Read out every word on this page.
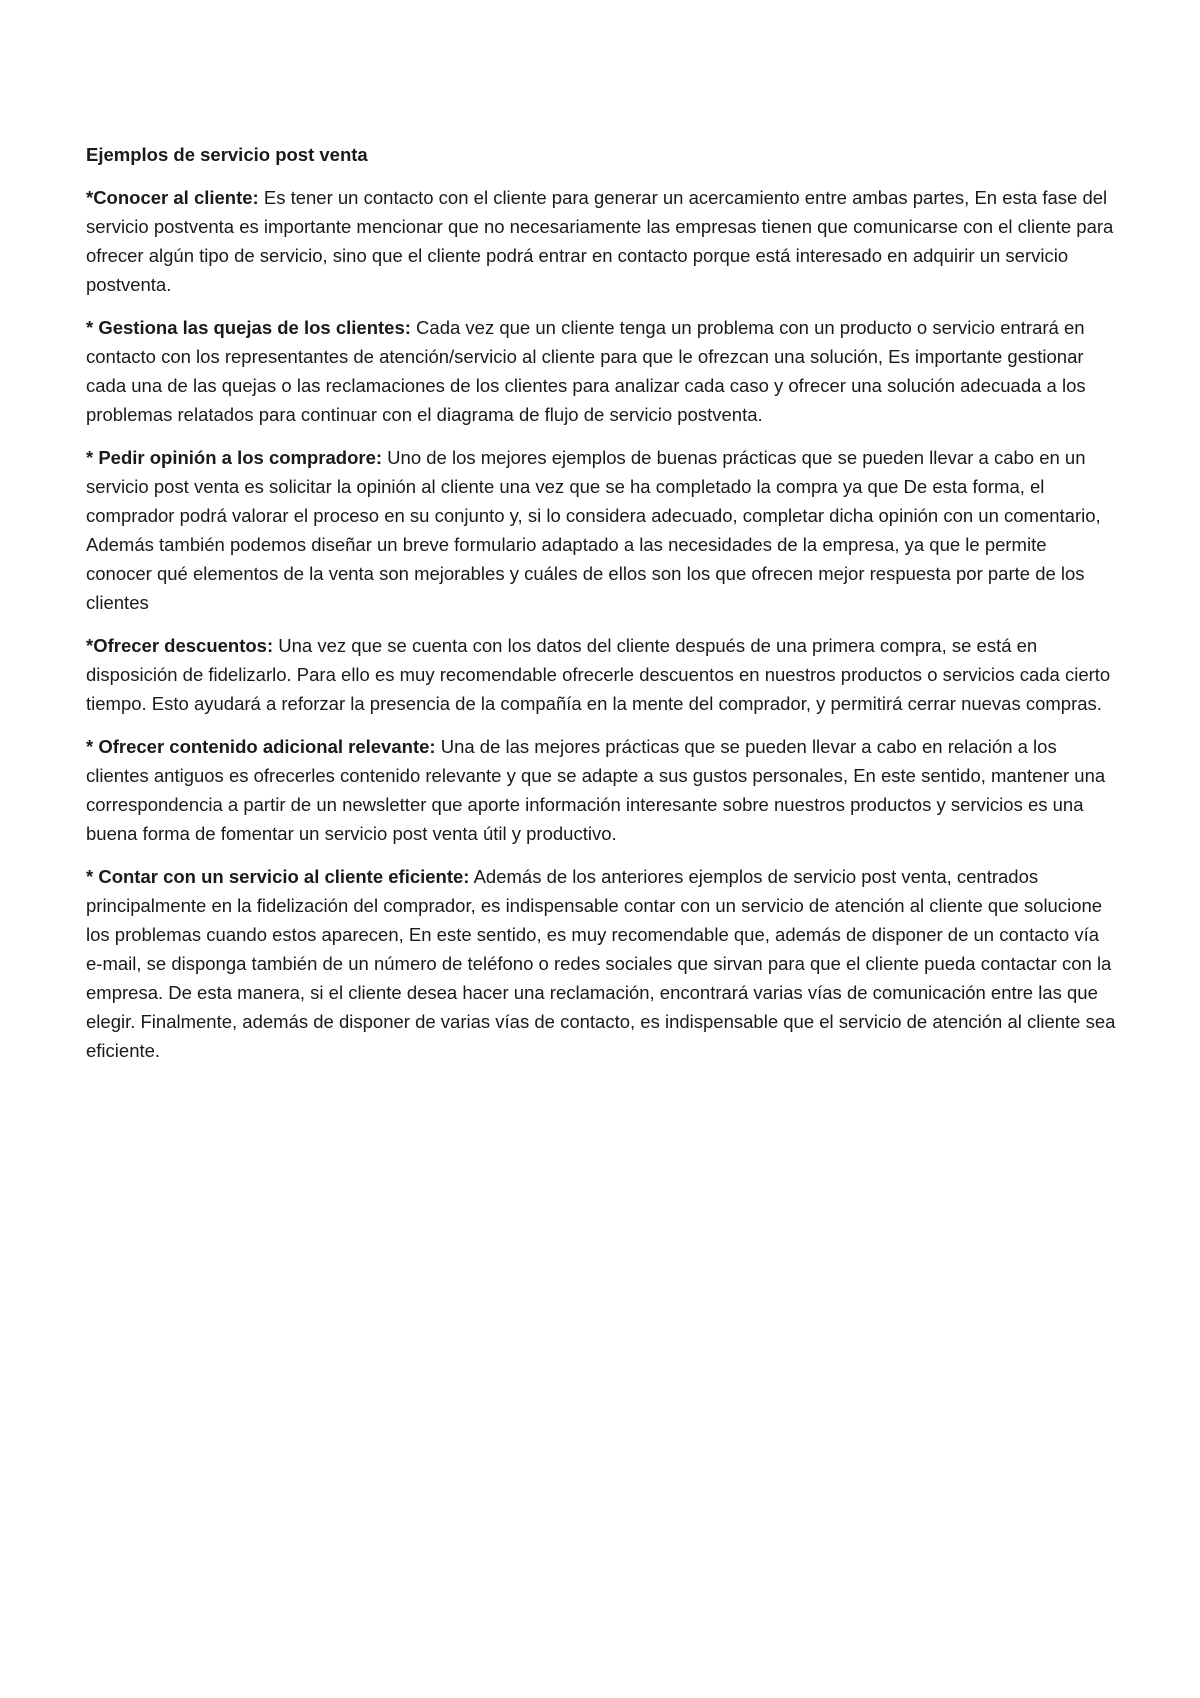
Ejemplos de servicio post venta

*Conocer al cliente: Es tener un contacto con el cliente para generar un acercamiento entre ambas partes, En esta fase del servicio postventa es importante mencionar que no necesariamente las empresas tienen que comunicarse con el cliente para ofrecer algún tipo de servicio, sino que el cliente podrá entrar en contacto porque está interesado en adquirir un servicio postventa.

* Gestiona las quejas de los clientes: Cada vez que un cliente tenga un problema con un producto o servicio entrará en contacto con los representantes de atención/servicio al cliente para que le ofrezcan una solución, Es importante gestionar cada una de las quejas o las reclamaciones de los clientes para analizar cada caso y ofrecer una solución adecuada a los problemas relatados para continuar con el diagrama de flujo de servicio postventa.

* Pedir opinión a los compradore: Uno de los mejores ejemplos de buenas prácticas que se pueden llevar a cabo en un servicio post venta es solicitar la opinión al cliente una vez que se ha completado la compra ya que De esta forma, el comprador podrá valorar el proceso en su conjunto y, si lo considera adecuado, completar dicha opinión con un comentario, Además también podemos diseñar un breve formulario adaptado a las necesidades de la empresa, ya que le permite conocer qué elementos de la venta son mejorables y cuáles de ellos son los que ofrecen mejor respuesta por parte de los clientes

*Ofrecer descuentos: Una vez que se cuenta con los datos del cliente después de una primera compra, se está en disposición de fidelizarlo. Para ello es muy recomendable ofrecerle descuentos en nuestros productos o servicios cada cierto tiempo. Esto ayudará a reforzar la presencia de la compañía en la mente del comprador, y permitirá cerrar nuevas compras.

* Ofrecer contenido adicional relevante: Una de las mejores prácticas que se pueden llevar a cabo en relación a los clientes antiguos es ofrecerles contenido relevante y que se adapte a sus gustos personales, En este sentido, mantener una correspondencia a partir de un newsletter que aporte información interesante sobre nuestros productos y servicios es una buena forma de fomentar un servicio post venta útil y productivo.

* Contar con un servicio al cliente eficiente: Además de los anteriores ejemplos de servicio post venta, centrados principalmente en la fidelización del comprador, es indispensable contar con un servicio de atención al cliente que solucione los problemas cuando estos aparecen, En este sentido, es muy recomendable que, además de disponer de un contacto vía e-mail, se disponga también de un número de teléfono o redes sociales que sirvan para que el cliente pueda contactar con la empresa. De esta manera, si el cliente desea hacer una reclamación, encontrará varias vías de comunicación entre las que elegir. Finalmente, además de disponer de varias vías de contacto, es indispensable que el servicio de atención al cliente sea eficiente.
